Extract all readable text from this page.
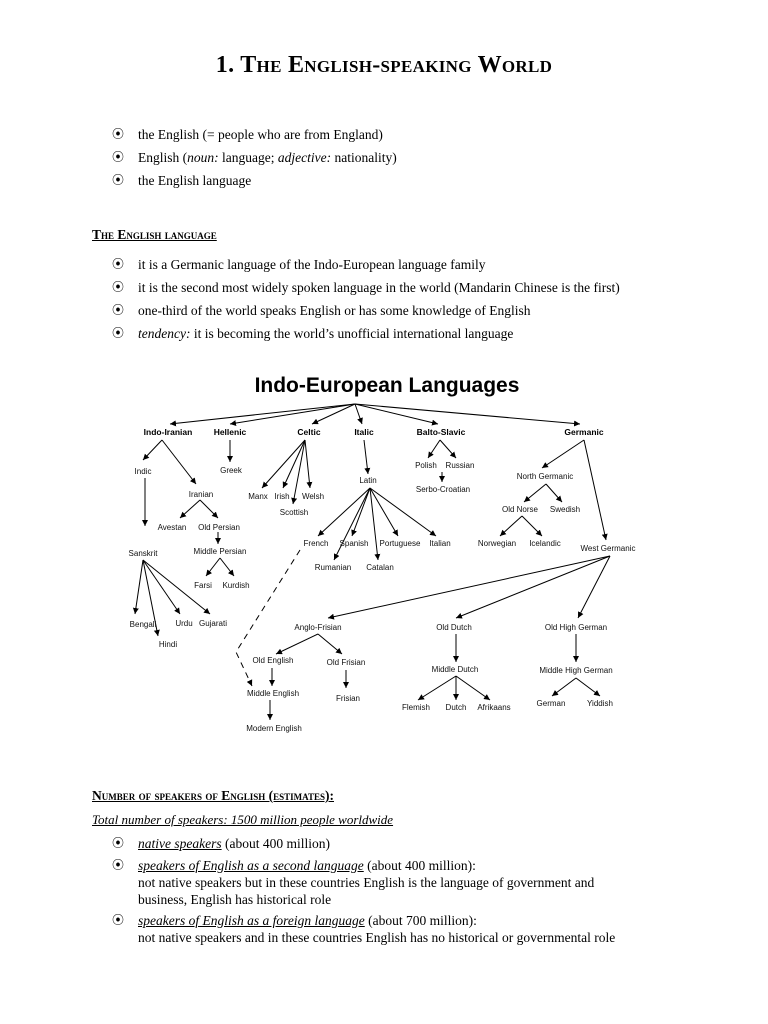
1. The English-speaking World
⦿	the English (= people who are from England)
⦿	English (noun: language; adjective: nationality)
⦿	the English language
The English language
⦿	it is a Germanic language of the Indo-European language family
⦿	it is the second most widely spoken language in the world (Mandarin Chinese is the first)
⦿	one-third of the world speaks English or has some knowledge of English
⦿	tendency: it is becoming the world’s unofficial international language
Indo-European Languages
Indo-Iranian	Hellenic	Celtic	Italic	Balto-Slavic	Germanic
Indic
Iranian
Avestan Old Persian
Middle Persian
Farsi Kurdish
Sanskrit
Bengali
Hindi
Urdu Gujarati
Greek
Manx Irish Welsh
Scottish
Latin
French Spanish Portuguese Italian
Rumanian Catalan
Polish Russian
Serbo-Croatian
North Germanic
Old Norse Swedish
Norwegian Icelandic
West Germanic
Anglo-Frisian
Old English	Old Frisian
Middle English
Frisian
Modern English
Old Dutch
Middle Dutch
Flemish Dutch Afrikaans
Old High German
Middle High German
German	Yiddish
Number of speakers of English (estimates):
Total number of speakers: 1500 million people worldwide
⦿	native speakers (about 400 million)
⦿	speakers of English as a second language (about 400 million):
not native speakers but in these countries English is the language of government and
business, English has historical role
⦿	speakers of English as a foreign language (about 700 million):
not native speakers and in these countries English has no historical or governmental role
